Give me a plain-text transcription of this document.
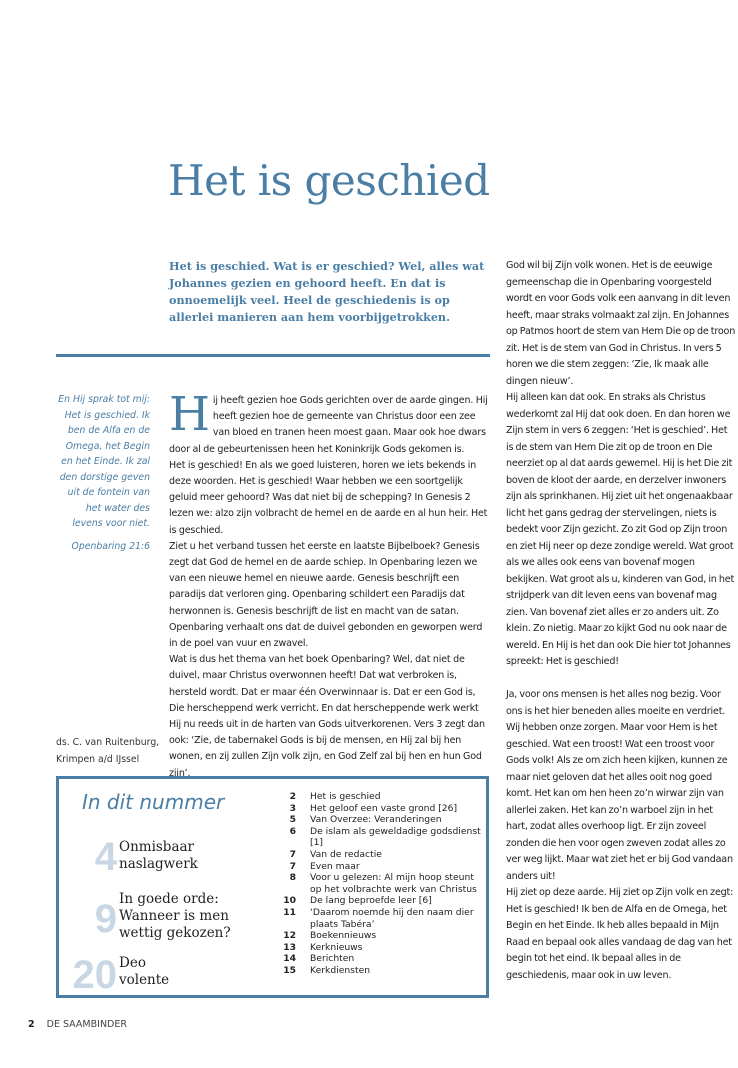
Het is geschied

Het is geschied. Wat is er geschied? Wel, alles wat Johannes gezien en gehoord heeft. En dat is onnoemelijk veel. Heel de geschiedenis is op allerlei manieren aan hem voorbijgetrokken.

En Hij sprak tot mij: Het is geschied. Ik ben de Alfa en de Omega, het Begin en het Einde. Ik zal den dorstige geven uit de fontein van het water des levens voor niet.

Openbaring 21:6
ds. C. van Ruitenburg,
Krimpen a/d IJssel
H ij heeft gezien hoe Gods gerichten over de aarde gingen. Hij heeft gezien hoe de gemeente van Christus door een zee van bloed en tranen heen moest gaan. Maar ook hoe dwars door al de gebeurtenissen heen het Koninkrijk Gods gekomen is.

Het is geschied! En als we goed luisteren, horen we iets bekends in deze woorden. Het is geschied! Waar hebben we een soortgelijk geluid meer gehoord? Was dat niet bij de schepping? In Genesis 2 lezen we: alzo zijn volbracht de hemel en de aarde en al hun heir. Het is geschied.

Ziet u het verband tussen het eerste en laatste Bijbelboek? Genesis zegt dat God de hemel en de aarde schiep. In Openbaring lezen we van een nieuwe hemel en nieuwe aarde. Genesis beschrijft een paradijs dat verloren ging. Openbaring schildert een Paradijs dat herwonnen is. Genesis beschrijft de list en macht van de satan. Openbaring verhaalt ons dat de duivel gebonden en geworpen werd in de poel van vuur en zwavel.

Wat is dus het thema van het boek Openbaring? Wel, dat niet de duivel, maar Christus overwonnen heeft! Dat wat verbroken is, hersteld wordt. Dat er maar één Overwinnaar is. Dat er een God is, Die herscheppend werk verricht. En dat herscheppende werk werkt Hij nu reeds uit in de harten van Gods uitverkorenen. Vers 3 zegt dan ook: ‘Zie, de tabernakel Gods is bij de mensen, en Hij zal bij hen wonen, en zij zullen Zijn volk zijn, en God Zelf zal bij hen en hun God zijn’.

God wil bij Zijn volk wonen. Het is de eeuwige gemeenschap die in Openbaring voorgesteld wordt en voor Gods volk een aanvang in dit leven heeft, maar straks volmaakt zal zijn. En Johannes op Patmos hoort de stem van Hem Die op de troon zit. Het is de stem van God in Christus. In vers 5 horen we die stem zeggen: ‘Zie, Ik maak alle dingen nieuw’.

Hij alleen kan dat ook. En straks als Christus wederkomt zal Hij dat ook doen. En dan horen we Zijn stem in vers 6 zeggen: ‘Het is geschied’. Het is de stem van Hem Die zit op de troon en Die neerziet op al dat aards gewemel. Hij is het Die zit boven de kloot der aarde, en derzelver inwoners zijn als sprinkhanen. Hij ziet uit het ongenaakbaar licht het gans gedrag der stervelingen, niets is bedekt voor Zijn gezicht. Zo zit God op Zijn troon en ziet Hij neer op deze zondige wereld. Wat groot als we alles ook eens van bovenaf mogen bekijken. Wat groot als u, kinderen van God, in het strijdperk van dit leven eens van bovenaf mag zien. Van bovenaf ziet alles er zo anders uit. Zo klein. Zo nietig. Maar zo kijkt God nu ook naar de wereld. En Hij is het dan ook Die hier tot Johannes spreekt: Het is geschied!

Ja, voor ons mensen is het alles nog bezig. Voor ons is het hier beneden alles moeite en verdriet. Wij hebben onze zorgen. Maar voor Hem is het geschied. Wat een troost! Wat een troost voor Gods volk! Als ze om zich heen kijken, kunnen ze maar niet geloven dat het alles ooit nog goed komt. Het kan om hen heen zo’n wirwar zijn van allerlei zaken. Het kan zo’n warboel zijn in het hart, zodat alles overhoop ligt. Er zijn zoveel zonden die hen voor ogen zweven zodat alles zo ver weg lijkt. Maar wat ziet het er bij God vandaan anders uit!

Hij ziet op deze aarde. Hij ziet op Zijn volk en zegt: Het is geschied! Ik ben de Alfa en de Omega, het Begin en het Einde. Ik heb alles bepaald in Mijn Raad en bepaal ook alles vandaag de dag van het begin tot het eind. Ik bepaal alles in de geschiedenis, maar ook in uw leven.

In dit nummer
4 Onmisbaar naslagwerk
9 In goede orde: Wanneer is men wettig gekozen?
20 Deo volente
2 Het is geschied
3 Het geloof een vaste grond [26]
5 Van Overzee: Veranderingen
6 De islam als geweldadige godsdienst [1]
7 Van de redactie
7 Even maar
8 Voor u gelezen: Al mijn hoop steunt op het volbrachte werk van Christus
10 De lang beproefde leer [6]
11 ‘Daarom noemde hij den naam dier plaats Tabéra’
12 Boekennieuws
13 Kerknieuws
14 Berichten
15 Kerkdiensten
2 DE SAAMBINDER
